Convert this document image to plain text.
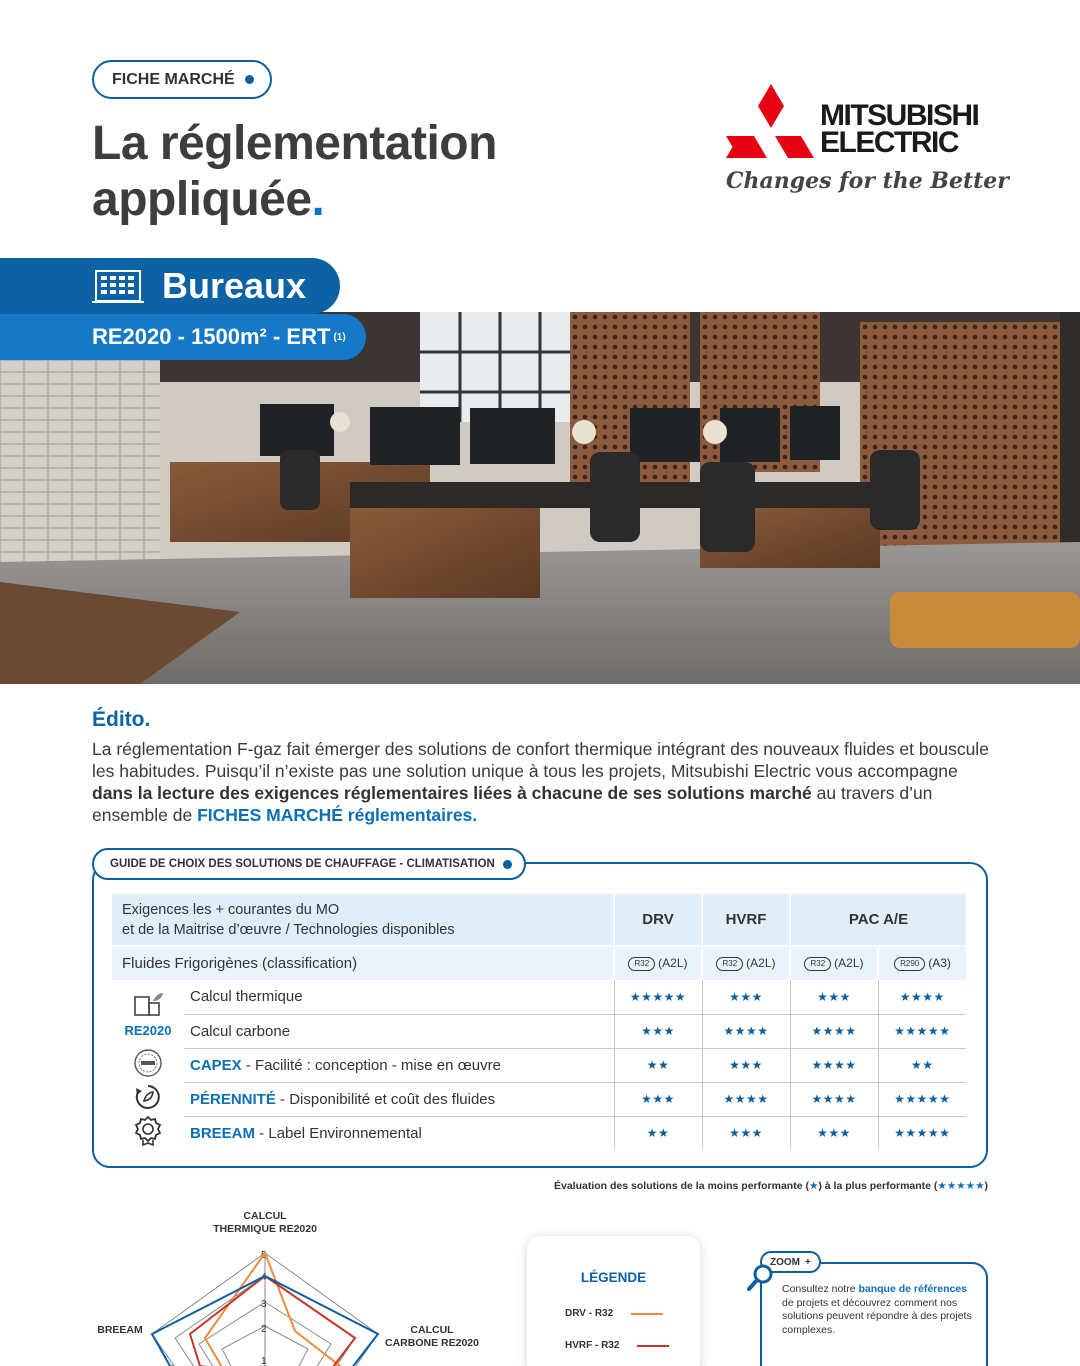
FICHE MARCHÉ
La réglementation
appliquée.
MITSUBISHI
ELECTRIC
Changes for the Better
Bureaux
RE2020 - 1500m² - ERT (1)
Édito.
La réglementation F-gaz fait émerger des solutions de confort thermique intégrant des nouveaux fluides et bouscule les habitudes. Puisqu’il n’existe pas une solution unique à tous les projets, Mitsubishi Electric vous accompagne dans la lecture des exigences réglementaires liées à chacune de ses solutions marché au travers d’un ensemble de FICHES MARCHÉ réglementaires.
GUIDE DE CHOIX DES SOLUTIONS DE CHAUFFAGE - CLIMATISATION
Exigences les + courantes du MO
et de la Maitrise d’œuvre / Technologies disponibles		DRV	HVRF	PAC A/E	
Fluides Frigorigènes (classification)		R32 (A2L)	R32 (A2L)	R32 (A2L)	R290 (A3)

RE2020	Calcul thermique	★★★★★	★★★	★★★	★★★★
	Calcul carbone	★★★	★★★★	★★★★	★★★★★
	CAPEX - Facilité : conception - mise en œuvre	★★	★★★	★★★★	★★
	PÉRENNITÉ - Disponibilité et coût des fluides	★★★	★★★★	★★★★	★★★★★
	BREEAM - Label Environnemental	★★	★★★	★★★	★★★★★
Évaluation des solutions de la moins performante (★) à la plus performante (★★★★★)
CALCUL
THERMIQUE RE2020
CALCUL
CARBONE RE2020
BREEAM
1
2
3
4
5
LÉGENDE
DRV - R32
HVRF - R32
ZOOM +
Consultez notre banque de références de projets et découvrez comment nos solutions peuvent répondre à des projets complexes.
